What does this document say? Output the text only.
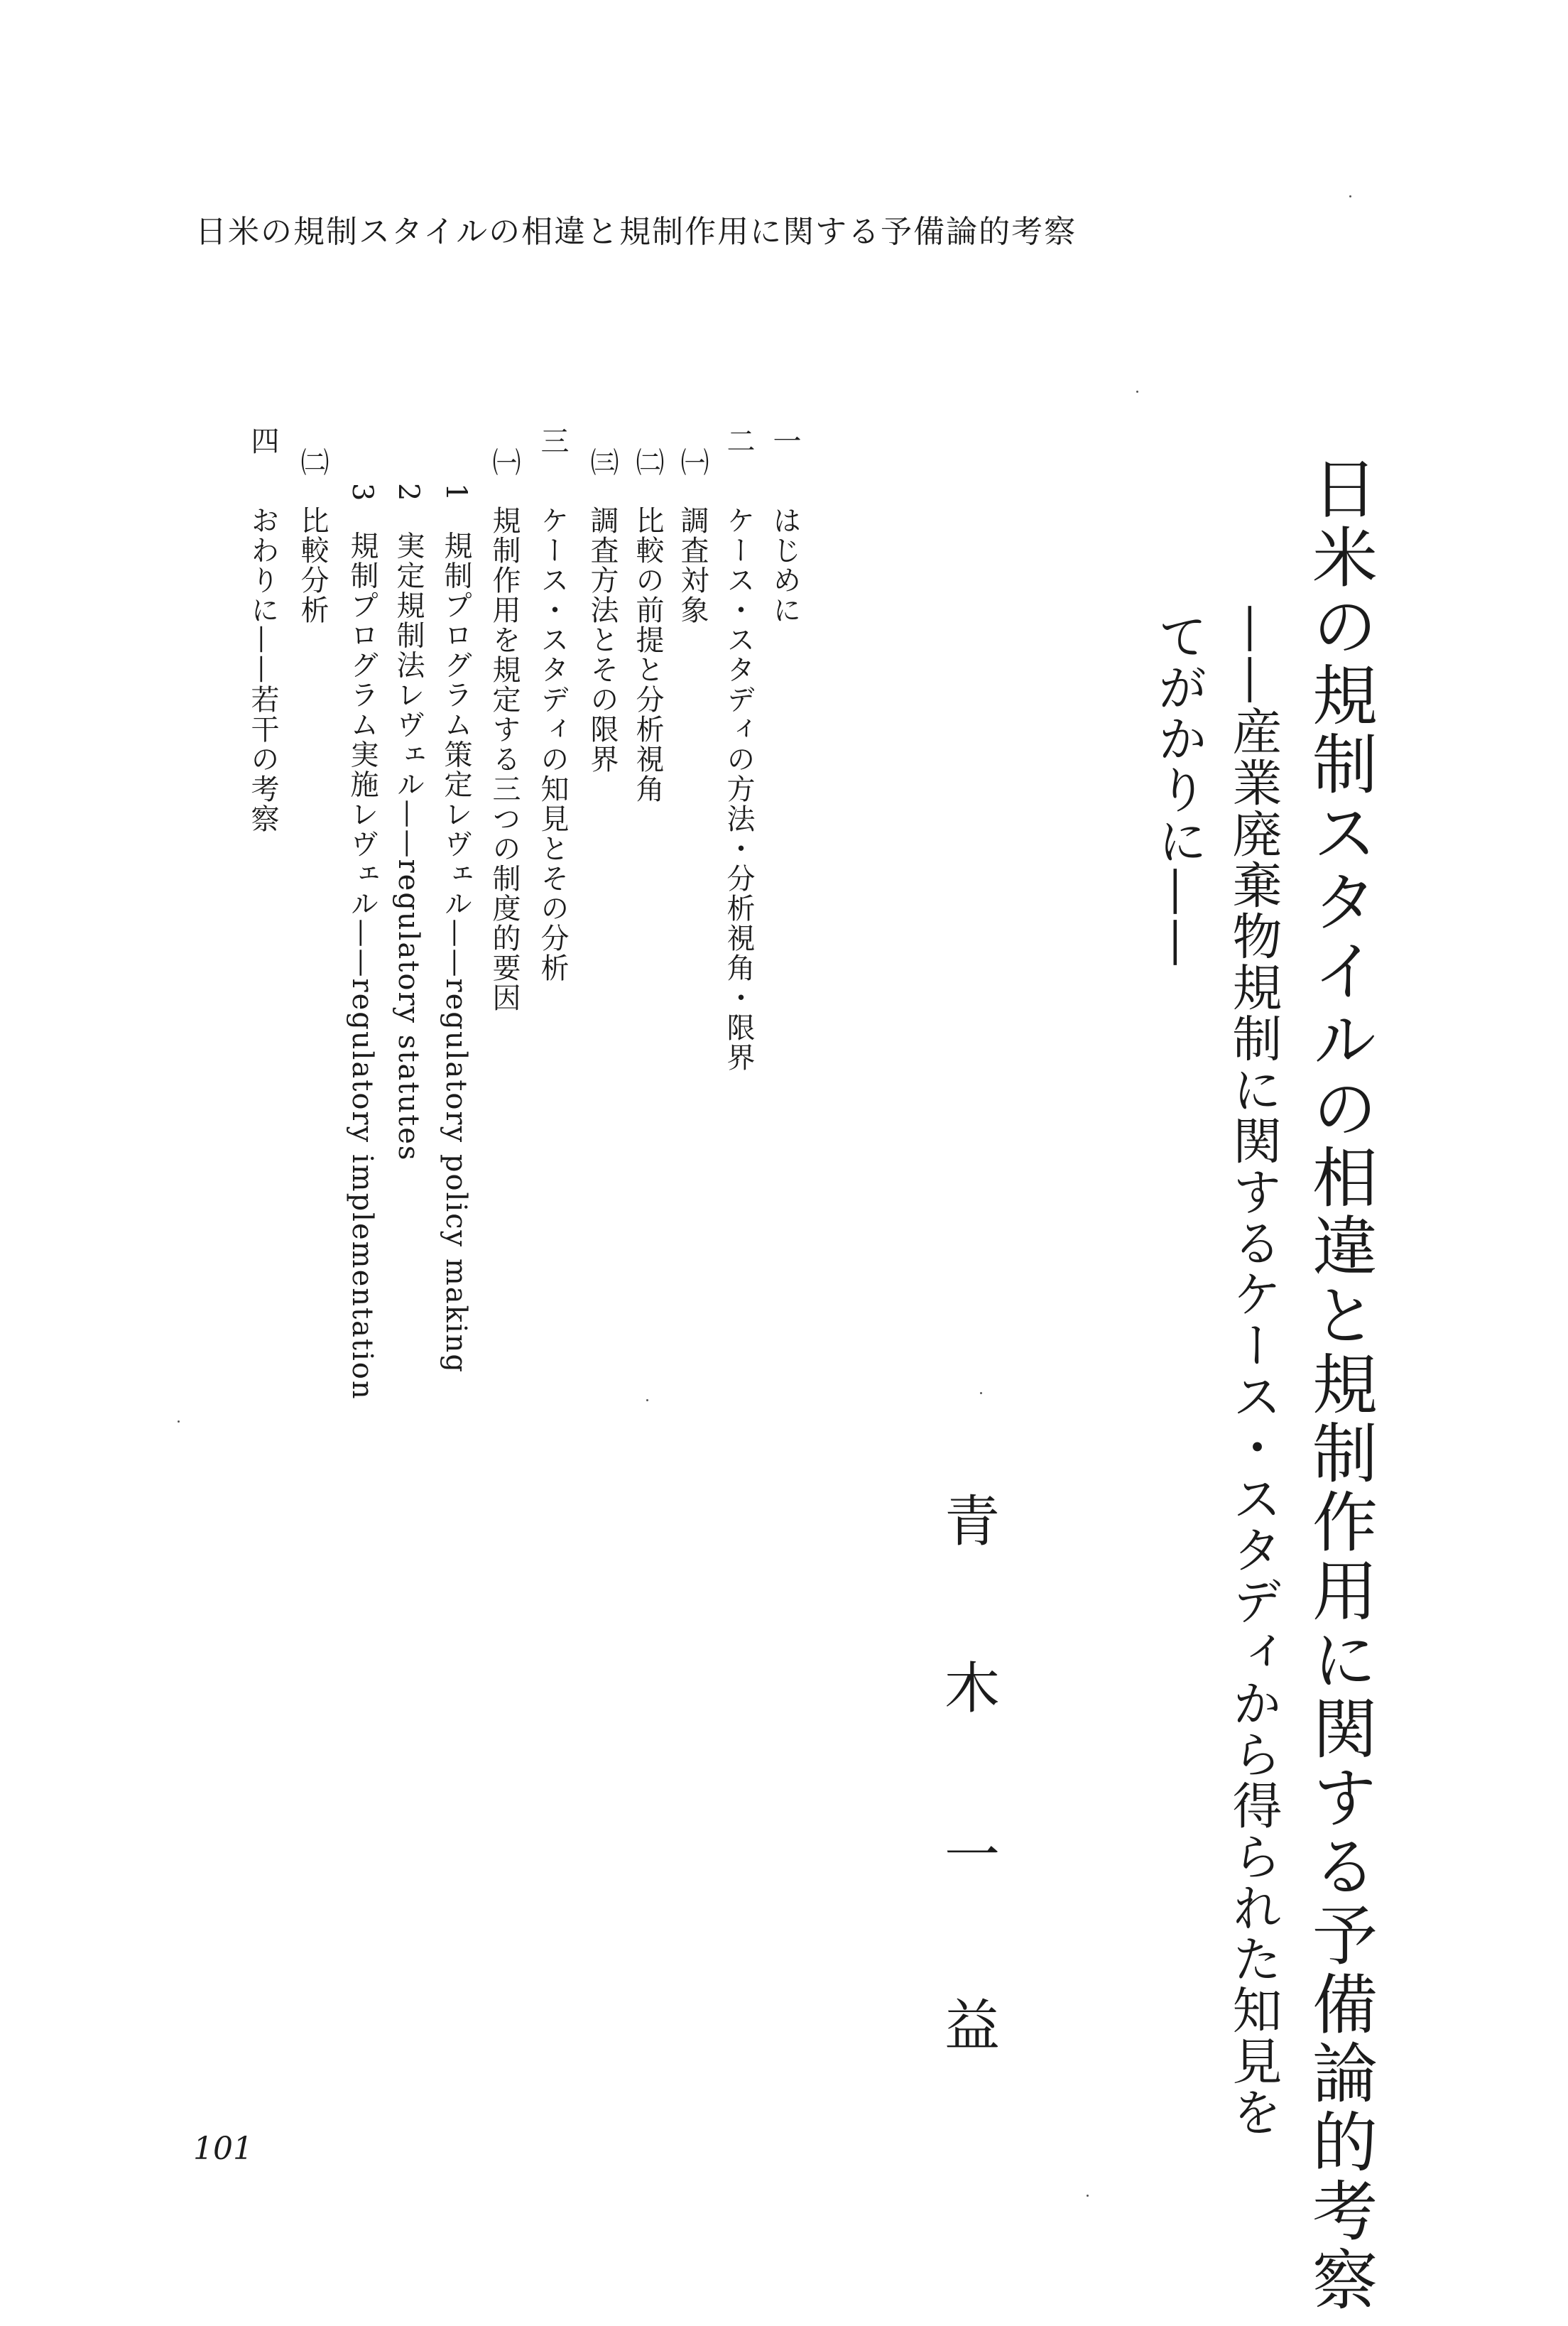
日米の規制スタイルの相違と規制作用に関する予備論的考察
日米の規制スタイルの相違と規制作用に関する予備論的考察
——産業廃棄物規制に関するケース・スタディから得られた知見を
てがかりに——
青
木
一
益
一はじめに
二ケース・スタディの方法・分析視角・限界
㈠調査対象
㈡比較の前提と分析視角
㈢調査方法とその限界
三ケース・スタディの知見とその分析
㈠規制作用を規定する三つの制度的要因
1規制プログラム策定レヴェル——regulatory policy making
2実定規制法レヴェル——regulatory statutes
3規制プログラム実施レヴェル——regulatory implementation
㈡比較分析
四おわりに——若干の考察
101
